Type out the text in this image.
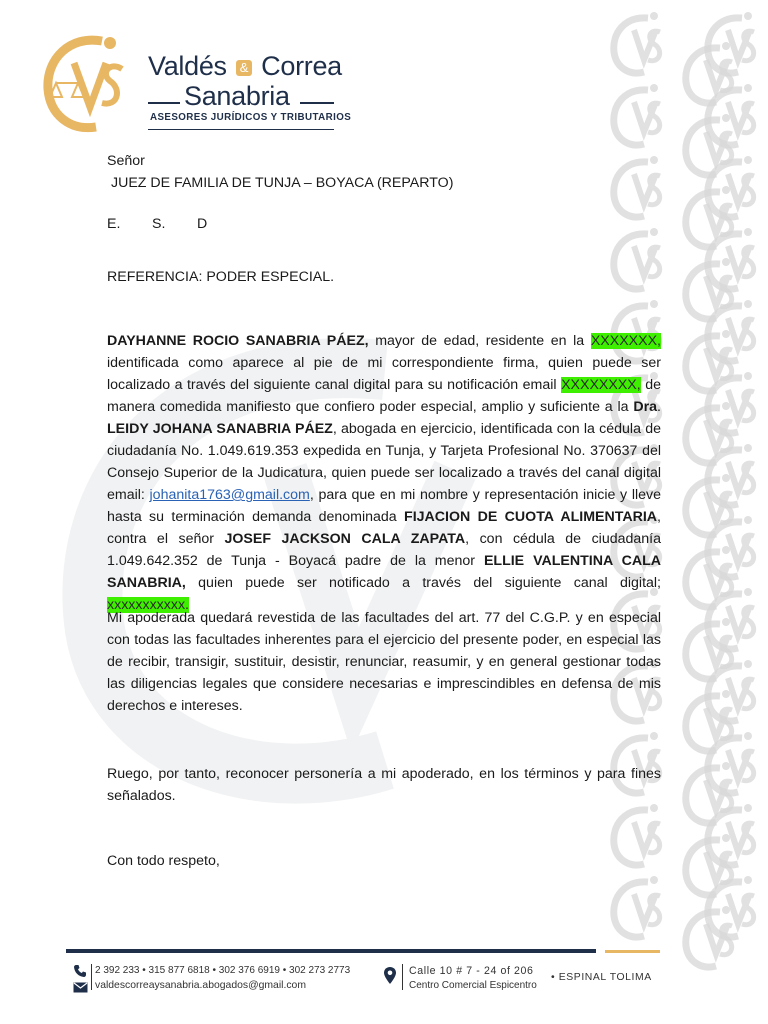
Valdés & Correa
Sanabria
ASESORES JURÍDICOS Y TRIBUTARIOS
Señor
JUEZ DE FAMILIA DE TUNJA – BOYACA (REPARTO)
E. S. D
REFERENCIA: PODER ESPECIAL.
DAYHANNE ROCIO SANABRIA PÁEZ, mayor de edad, residente en la XXXXXXX, identificada como aparece al pie de mi correspondiente firma, quien puede ser localizado a través del siguiente canal digital para su notificación email XXXXXXXX, de manera comedida manifiesto que confiero poder especial, amplio y suficiente a la Dra. LEIDY JOHANA SANABRIA PÁEZ, abogada en ejercicio, identificada con la cédula de ciudadanía No. 1.049.619.353 expedida en Tunja, y Tarjeta Profesional No. 370637 del Consejo Superior de la Judicatura, quien puede ser localizado a través del canal digital email: johanita1763@gmail.com, para que en mi nombre y representación inicie y lleve hasta su terminación demanda denominada FIJACION DE CUOTA ALIMENTARIA, contra el señor JOSEF JACKSON CALA ZAPATA, con cédula de ciudadanía 1.049.642.352 de Tunja - Boyacá padre de la menor ELLIE VALENTINA CALA SANABRIA, quien puede ser notificado a través del siguiente canal digital; xxxxxxxxxxx.
Mi apoderada quedará revestida de las facultades del art. 77 del C.G.P. y en especial con todas las facultades inherentes para el ejercicio del presente poder, en especial las de recibir, transigir, sustituir, desistir, renunciar, reasumir, y en general gestionar todas las diligencias legales que considere necesarias e imprescindibles en defensa de mis derechos e intereses.
Ruego, por tanto, reconocer personería a mi apoderado, en los términos y para fines señalados.
Con todo respeto,
2 392 233 • 315 877 6818 • 302 376 6919 • 302 273 2773
valdescorreaysanabria.abogados@gmail.com
Calle 10 # 7 - 24 of 206
Centro Comercial Espicentro
• ESPINAL TOLIMA
